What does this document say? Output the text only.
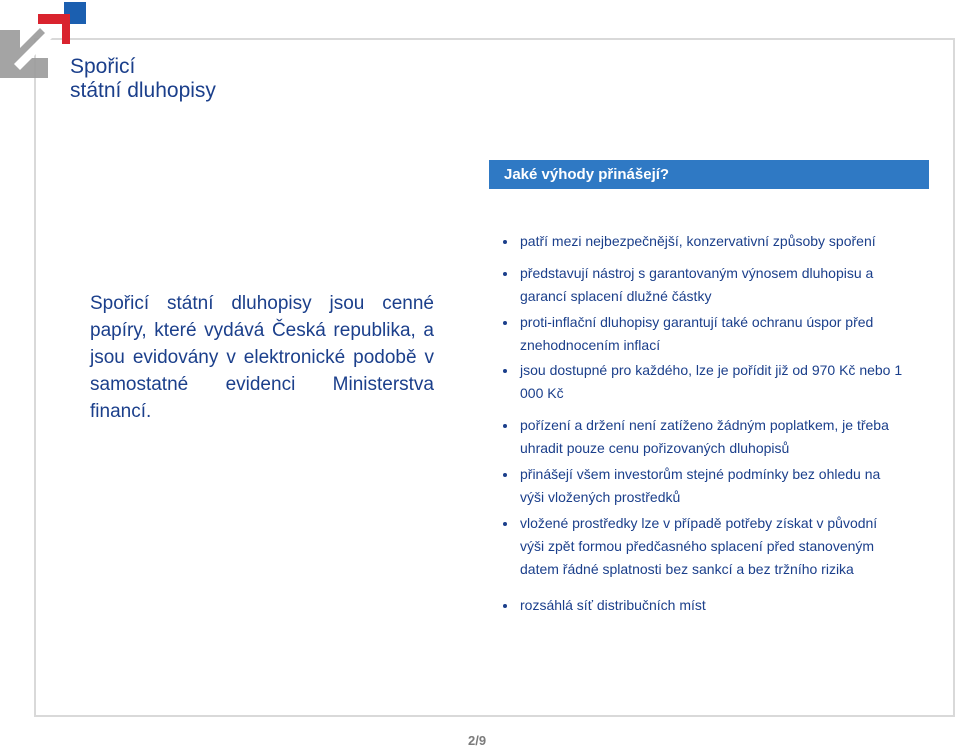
Spořicí
státní dluhopisy
Jaké výhody přinášejí?
Spořicí státní dluhopisy jsou cenné papíry, které vydává Česká republika, a jsou evidovány v elektronické podobě v samostatné evidenci Ministerstva financí.
patří mezi nejbezpečnější, konzervativní způsoby spoření
představují nástroj s garantovaným výnosem dluhopisu a garancí splacení dlužné částky
proti-inflační dluhopisy garantují také ochranu úspor před znehodnocením inflací
jsou dostupné pro každého, lze je pořídit již od 970 Kč nebo 1 000 Kč
pořízení a držení není zatíženo žádným poplatkem, je třeba uhradit pouze cenu pořizovaných dluhopisů
přinášejí všem investorům stejné podmínky bez ohledu na výši vložených prostředků
vložené prostředky lze v případě potřeby získat v původní výši zpět formou předčasného splacení před stanoveným datem řádné splatnosti bez sankcí a bez tržního rizika
rozsáhlá síť distribučních míst
2/9
